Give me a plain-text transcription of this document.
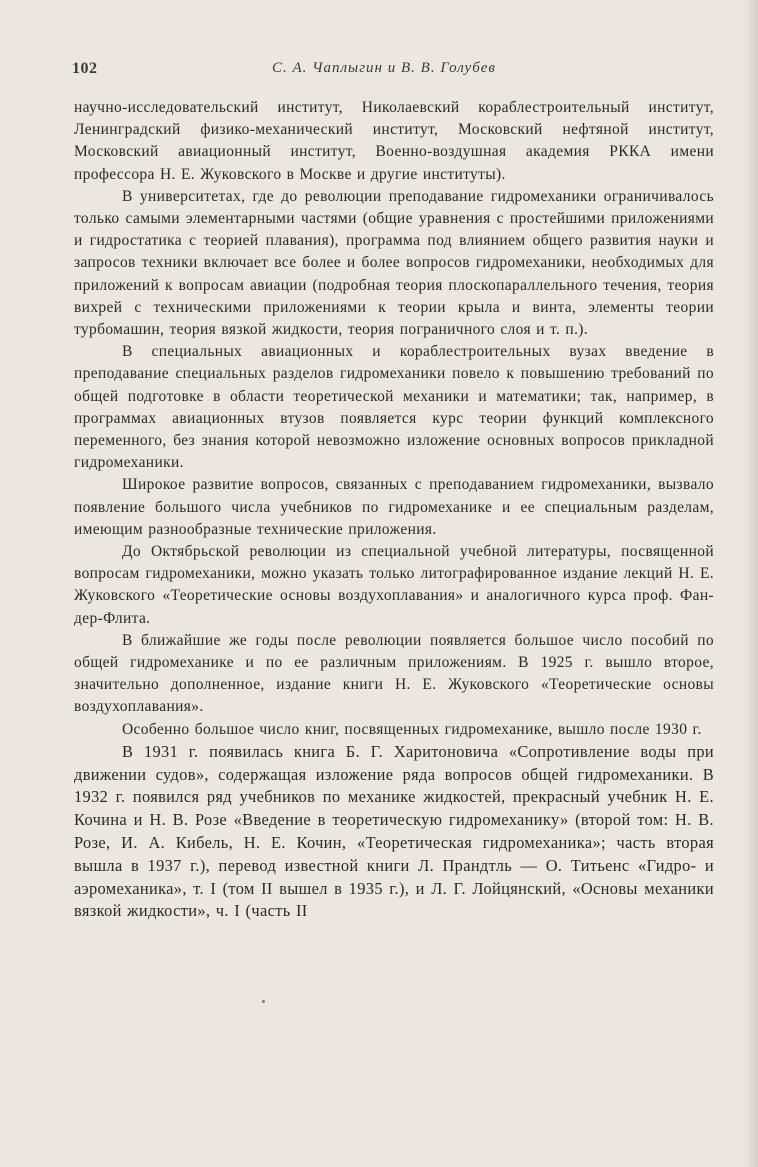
102	С. А. Чаплыгин и В. В. Голубев

научно-исследовательский институт, Николаевский кораблестроительный институт, Ленинградский физико-механический институт, Московский нефтяной институт, Московский авиационный институт, Военно-воздушная академия РККА имени профессора Н. Е. Жуковского в Москве и другие институты).

В университетах, где до революции преподавание гидромеханики ограничивалось только самыми элементарными частями (общие уравнения с простейшими приложениями и гидростатика с теорией плавания), программа под влиянием общего развития науки и запросов техники включает все более и более вопросов гидромеханики, необходимых для приложений к вопросам авиации (подробная теория плоскопараллельного течения, теория вихрей с техническими приложениями к теории крыла и винта, элементы теории турбомашин, теория вязкой жидкости, теория пограничного слоя и т. п.).

В специальных авиационных и кораблестроительных вузах введение в преподавание специальных разделов гидромеханики повело к повышению требований по общей подготовке в области теоретической механики и математики; так, например, в программах авиационных втузов появляется курс теории функций комплексного переменного, без знания которой невозможно изложение основных вопросов прикладной гидромеханики.

Широкое развитие вопросов, связанных с преподаванием гидромеханики, вызвало появление большого числа учебников по гидромеханике и ее специальным разделам, имеющим разнообразные технические приложения.

До Октябрьской революции из специальной учебной литературы, посвященной вопросам гидромеханики, можно указать только литографированное издание лекций Н. Е. Жуковского «Теоретические основы воздухоплавания» и аналогичного курса проф. Фан-дер-Флита.

В ближайшие же годы после революции появляется большое число пособий по общей гидромеханике и по ее различным приложениям. В 1925 г. вышло второе, значительно дополненное, издание книги Н. Е. Жуковского «Теоретические основы воздухоплавания».

Особенно большое число книг, посвященных гидромеханике, вышло после 1930 г.

В 1931 г. появилась книга Б. Г. Харитоновича «Сопротивление воды при движении судов», содержащая изложение ряда вопросов общей гидромеханики. В 1932 г. появился ряд учебников по механике жидкостей, прекрасный учебник Н. Е. Кочина и Н. В. Розе «Введение в теоретическую гидромеханику» (второй том: Н. В. Розе, И. А. Кибель, Н. Е. Кочин, «Теоретическая гидромеханика»; часть вторая вышла в 1937 г.), перевод известной книги Л. Прандтль — О. Титьенс «Гидро- и аэромеханика», т. I (том II вышел в 1935 г.), и Л. Г. Лойцянский, «Основы механики вязкой жидкости», ч. I (часть II
